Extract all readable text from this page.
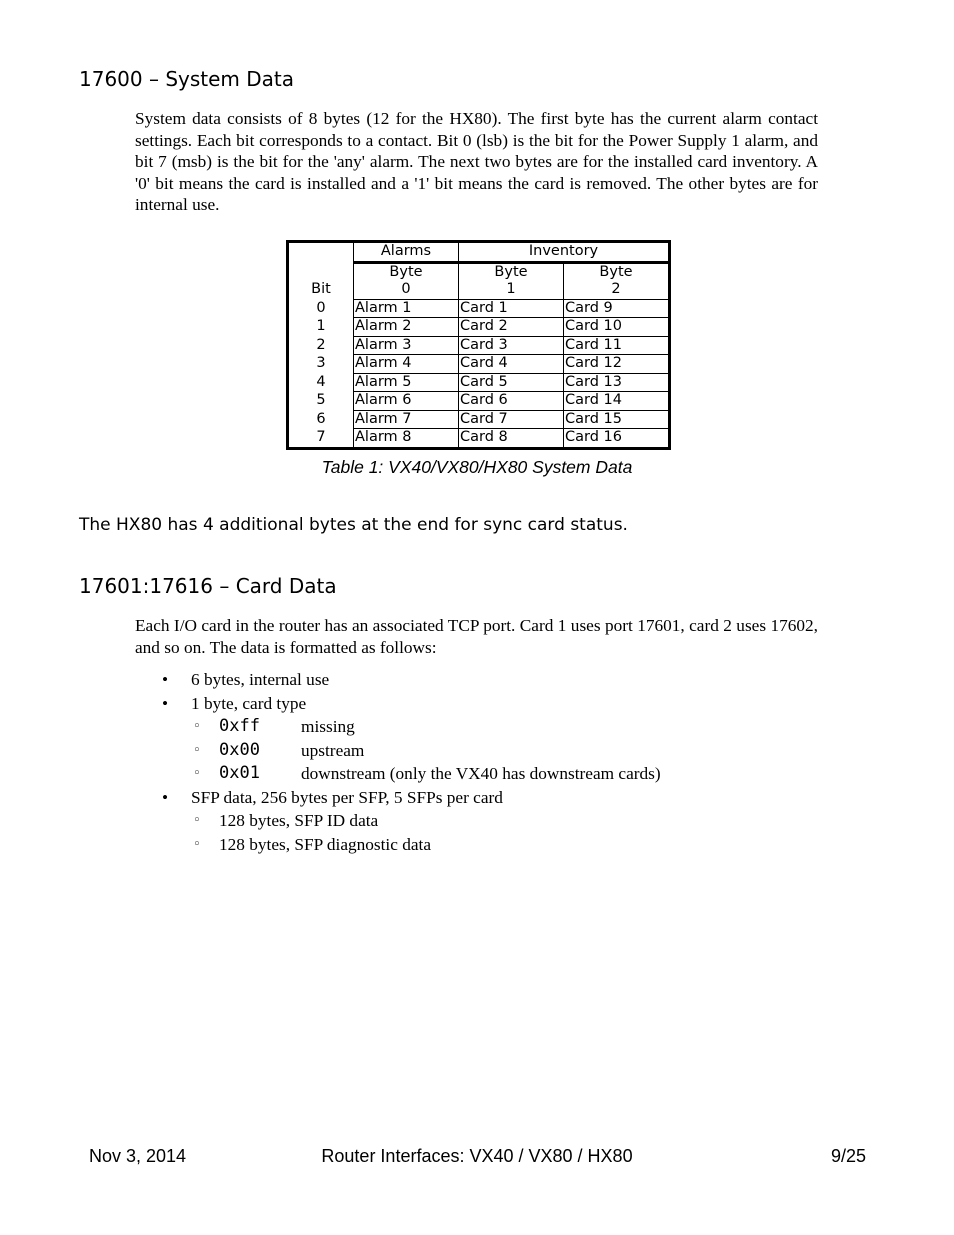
17600 – System Data

System data consists of 8 bytes (12 for the HX80). The first byte has the current alarm contact settings. Each bit corresponds to a contact. Bit 0 (lsb) is the bit for the Power Supply 1 alarm, and bit 7 (msb) is the bit for the 'any' alarm. The next two bytes are for the installed card inventory. A '0' bit means the card is installed and a '1' bit means the card is removed. The other bytes are for internal use.

	Alarms	Inventory	
	Byte	Byte	Byte
Bit	0	1	2
0	Alarm 1	Card 1	Card 9
1	Alarm 2	Card 2	Card 10
2	Alarm 3	Card 3	Card 11
3	Alarm 4	Card 4	Card 12
4	Alarm 5	Card 5	Card 13
5	Alarm 6	Card 6	Card 14
6	Alarm 7	Card 7	Card 15
7	Alarm 8	Card 8	Card 16

Table 1: VX40/VX80/HX80 System Data

The HX80 has 4 additional bytes at the end for sync card status.

17601:17616 – Card Data

Each I/O card in the router has an associated TCP port. Card 1 uses port 17601, card 2 uses 17602, and so on. The data is formatted as follows:

• 6 bytes, internal use
• 1 byte, card type
◦ 0xff missing
◦ 0x00 upstream
◦ 0x01 downstream (only the VX40 has downstream cards)
• SFP data, 256 bytes per SFP, 5 SFPs per card
◦ 128 bytes, SFP ID data
◦ 128 bytes, SFP diagnostic data

Nov 3, 2014	Router Interfaces: VX40 / VX80 / HX80	9/25
